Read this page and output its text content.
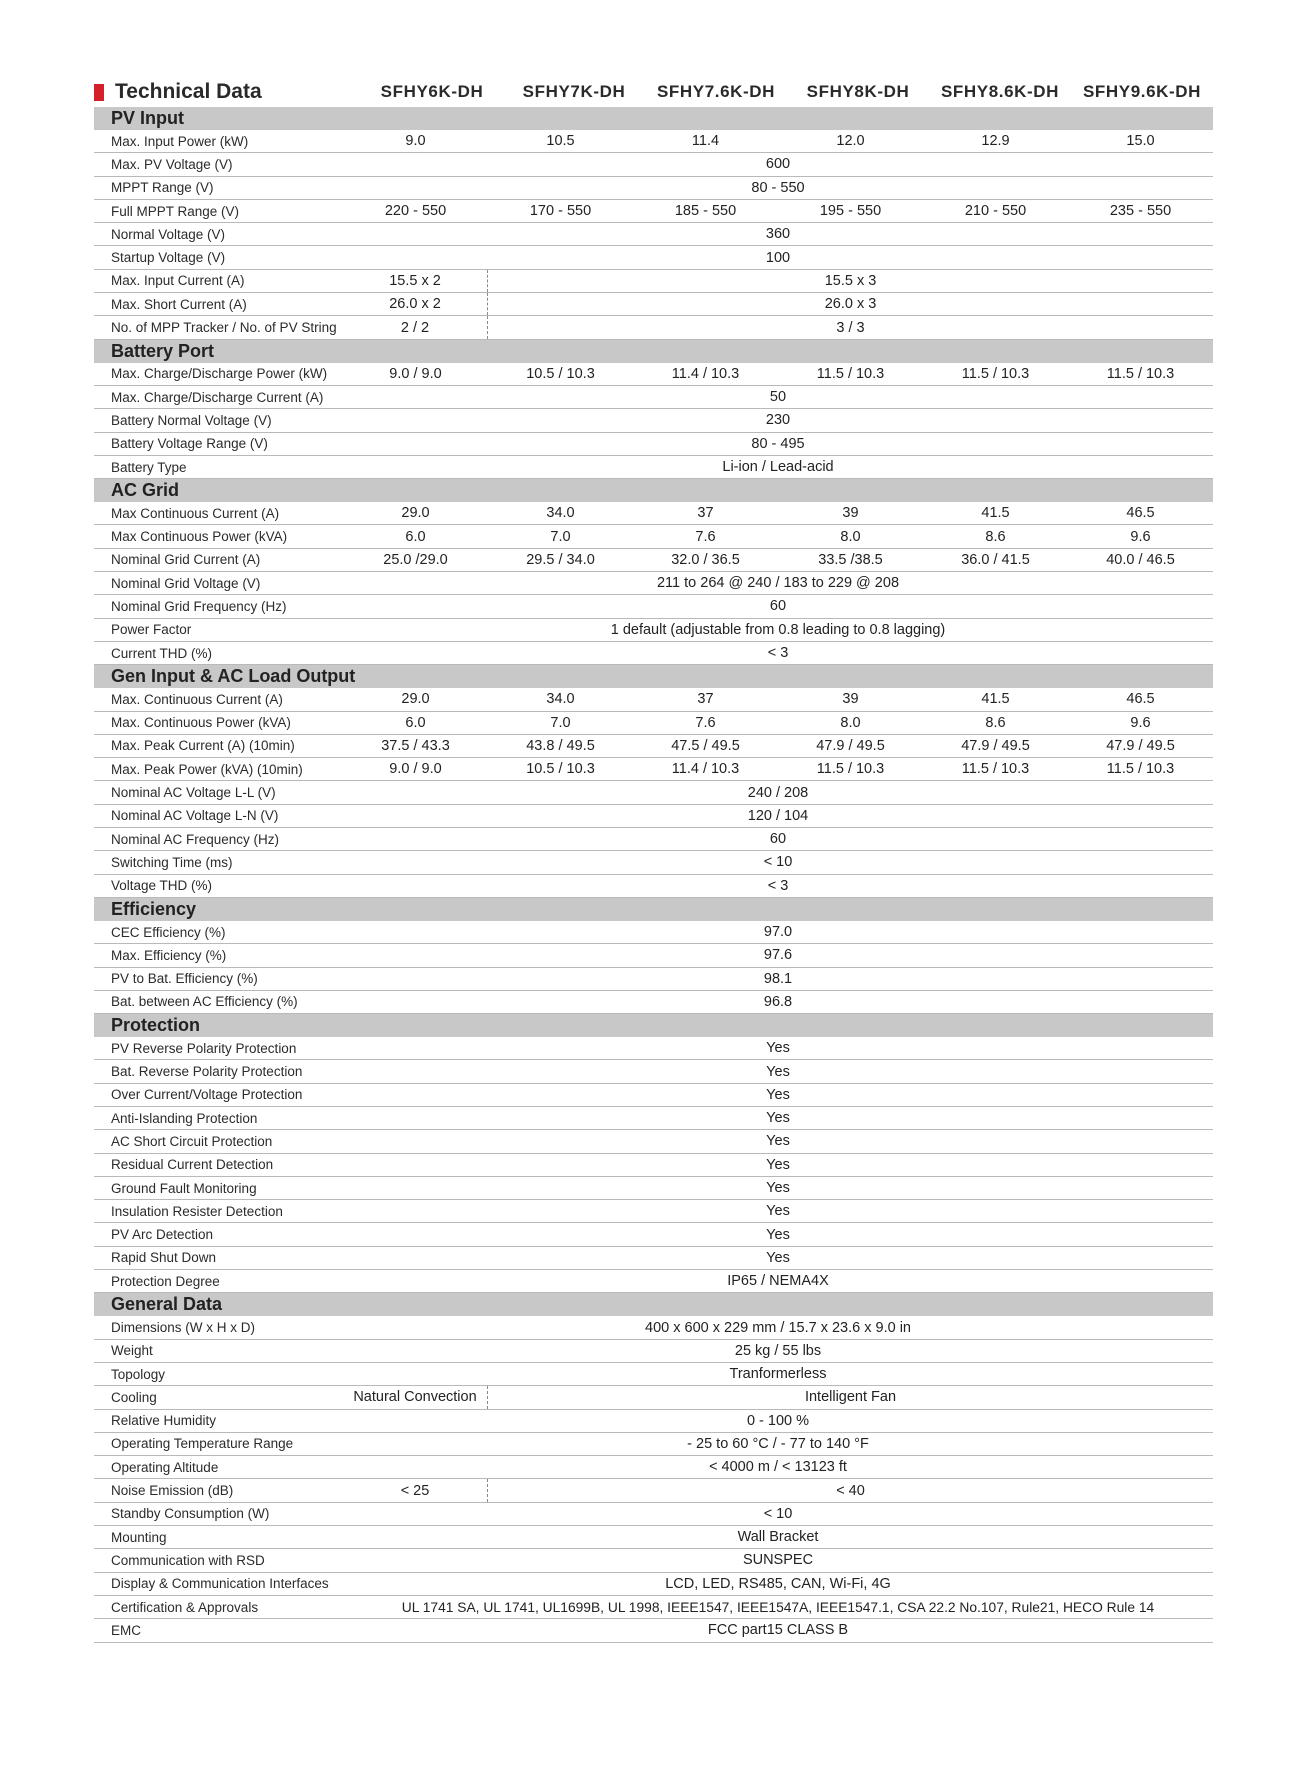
Technical Data	SFHY6K-DH	SFHY7K-DH	SFHY7.6K-DH	SFHY8K-DH	SFHY8.6K-DH	SFHY9.6K-DH
PV Input
Max. Input Power (kW)	9.0	10.5	11.4	12.0	12.9	15.0
Max. PV Voltage (V)	600
MPPT Range (V)	80 - 550
Full MPPT Range (V)	220 - 550	170 - 550	185 - 550	195 - 550	210 - 550	235 - 550
Normal Voltage (V)	360
Startup Voltage (V)	100
Max. Input Current (A)	15.5 x 2	15.5 x 3
Max. Short Current (A)	26.0 x 2	26.0 x 3
No. of MPP Tracker / No. of PV String	2 / 2	3 / 3
Battery Port
Max. Charge/Discharge Power (kW)	9.0 / 9.0	10.5 / 10.3	11.4 / 10.3	11.5 / 10.3	11.5 / 10.3	11.5 / 10.3
Max. Charge/Discharge Current (A)	50
Battery Normal Voltage (V)	230
Battery Voltage Range (V)	80 - 495
Battery Type	Li-ion / Lead-acid
AC Grid
Max Continuous Current (A)	29.0	34.0	37	39	41.5	46.5
Max Continuous Power (kVA)	6.0	7.0	7.6	8.0	8.6	9.6
Nominal Grid Current (A)	25.0 /29.0	29.5 / 34.0	32.0 / 36.5	33.5 /38.5	36.0 / 41.5	40.0 / 46.5
Nominal Grid Voltage (V)	211 to 264 @ 240 / 183 to 229 @ 208
Nominal Grid Frequency (Hz)	60
Power Factor	1 default (adjustable from 0.8 leading to 0.8 lagging)
Current THD (%)	< 3
Gen Input & AC Load Output
Max. Continuous Current (A)	29.0	34.0	37	39	41.5	46.5
Max. Continuous Power (kVA)	6.0	7.0	7.6	8.0	8.6	9.6
Max. Peak Current (A) (10min)	37.5 / 43.3	43.8 / 49.5	47.5 / 49.5	47.9 / 49.5	47.9 / 49.5	47.9 / 49.5
Max. Peak Power (kVA) (10min)	9.0 / 9.0	10.5 / 10.3	11.4 / 10.3	11.5 / 10.3	11.5 / 10.3	11.5 / 10.3
Nominal AC Voltage L-L (V)	240 / 208
Nominal AC Voltage L-N (V)	120 / 104
Nominal AC Frequency (Hz)	60
Switching Time (ms)	< 10
Voltage THD (%)	< 3
Efficiency
CEC Efficiency (%)	97.0
Max. Efficiency (%)	97.6
PV to Bat. Efficiency (%)	98.1
Bat. between AC Efficiency (%)	96.8
Protection
PV Reverse Polarity Protection	Yes
Bat. Reverse Polarity Protection	Yes
Over Current/Voltage Protection	Yes
Anti-Islanding Protection	Yes
AC Short Circuit Protection	Yes
Residual Current Detection	Yes
Ground Fault Monitoring	Yes
Insulation Resister Detection	Yes
PV Arc Detection	Yes
Rapid Shut Down	Yes
Protection Degree	IP65 / NEMA4X
General Data
Dimensions (W x H x D)	400 x 600 x 229 mm / 15.7 x 23.6 x 9.0 in
Weight	25 kg / 55 lbs
Topology	Tranformerless
Cooling	Natural Convection	Intelligent Fan
Relative Humidity	0 - 100 %
Operating Temperature Range	- 25 to 60 °C / - 77 to 140 °F
Operating Altitude	< 4000 m / < 13123 ft
Noise Emission (dB)	< 25	< 40
Standby Consumption (W)	< 10
Mounting	Wall Bracket
Communication with RSD	SUNSPEC
Display & Communication Interfaces	LCD, LED, RS485, CAN, Wi-Fi, 4G
Certification & Approvals	UL 1741 SA, UL 1741, UL1699B, UL 1998, IEEE1547, IEEE1547A, IEEE1547.1, CSA 22.2 No.107, Rule21, HECO Rule 14
EMC	FCC part15 CLASS B
